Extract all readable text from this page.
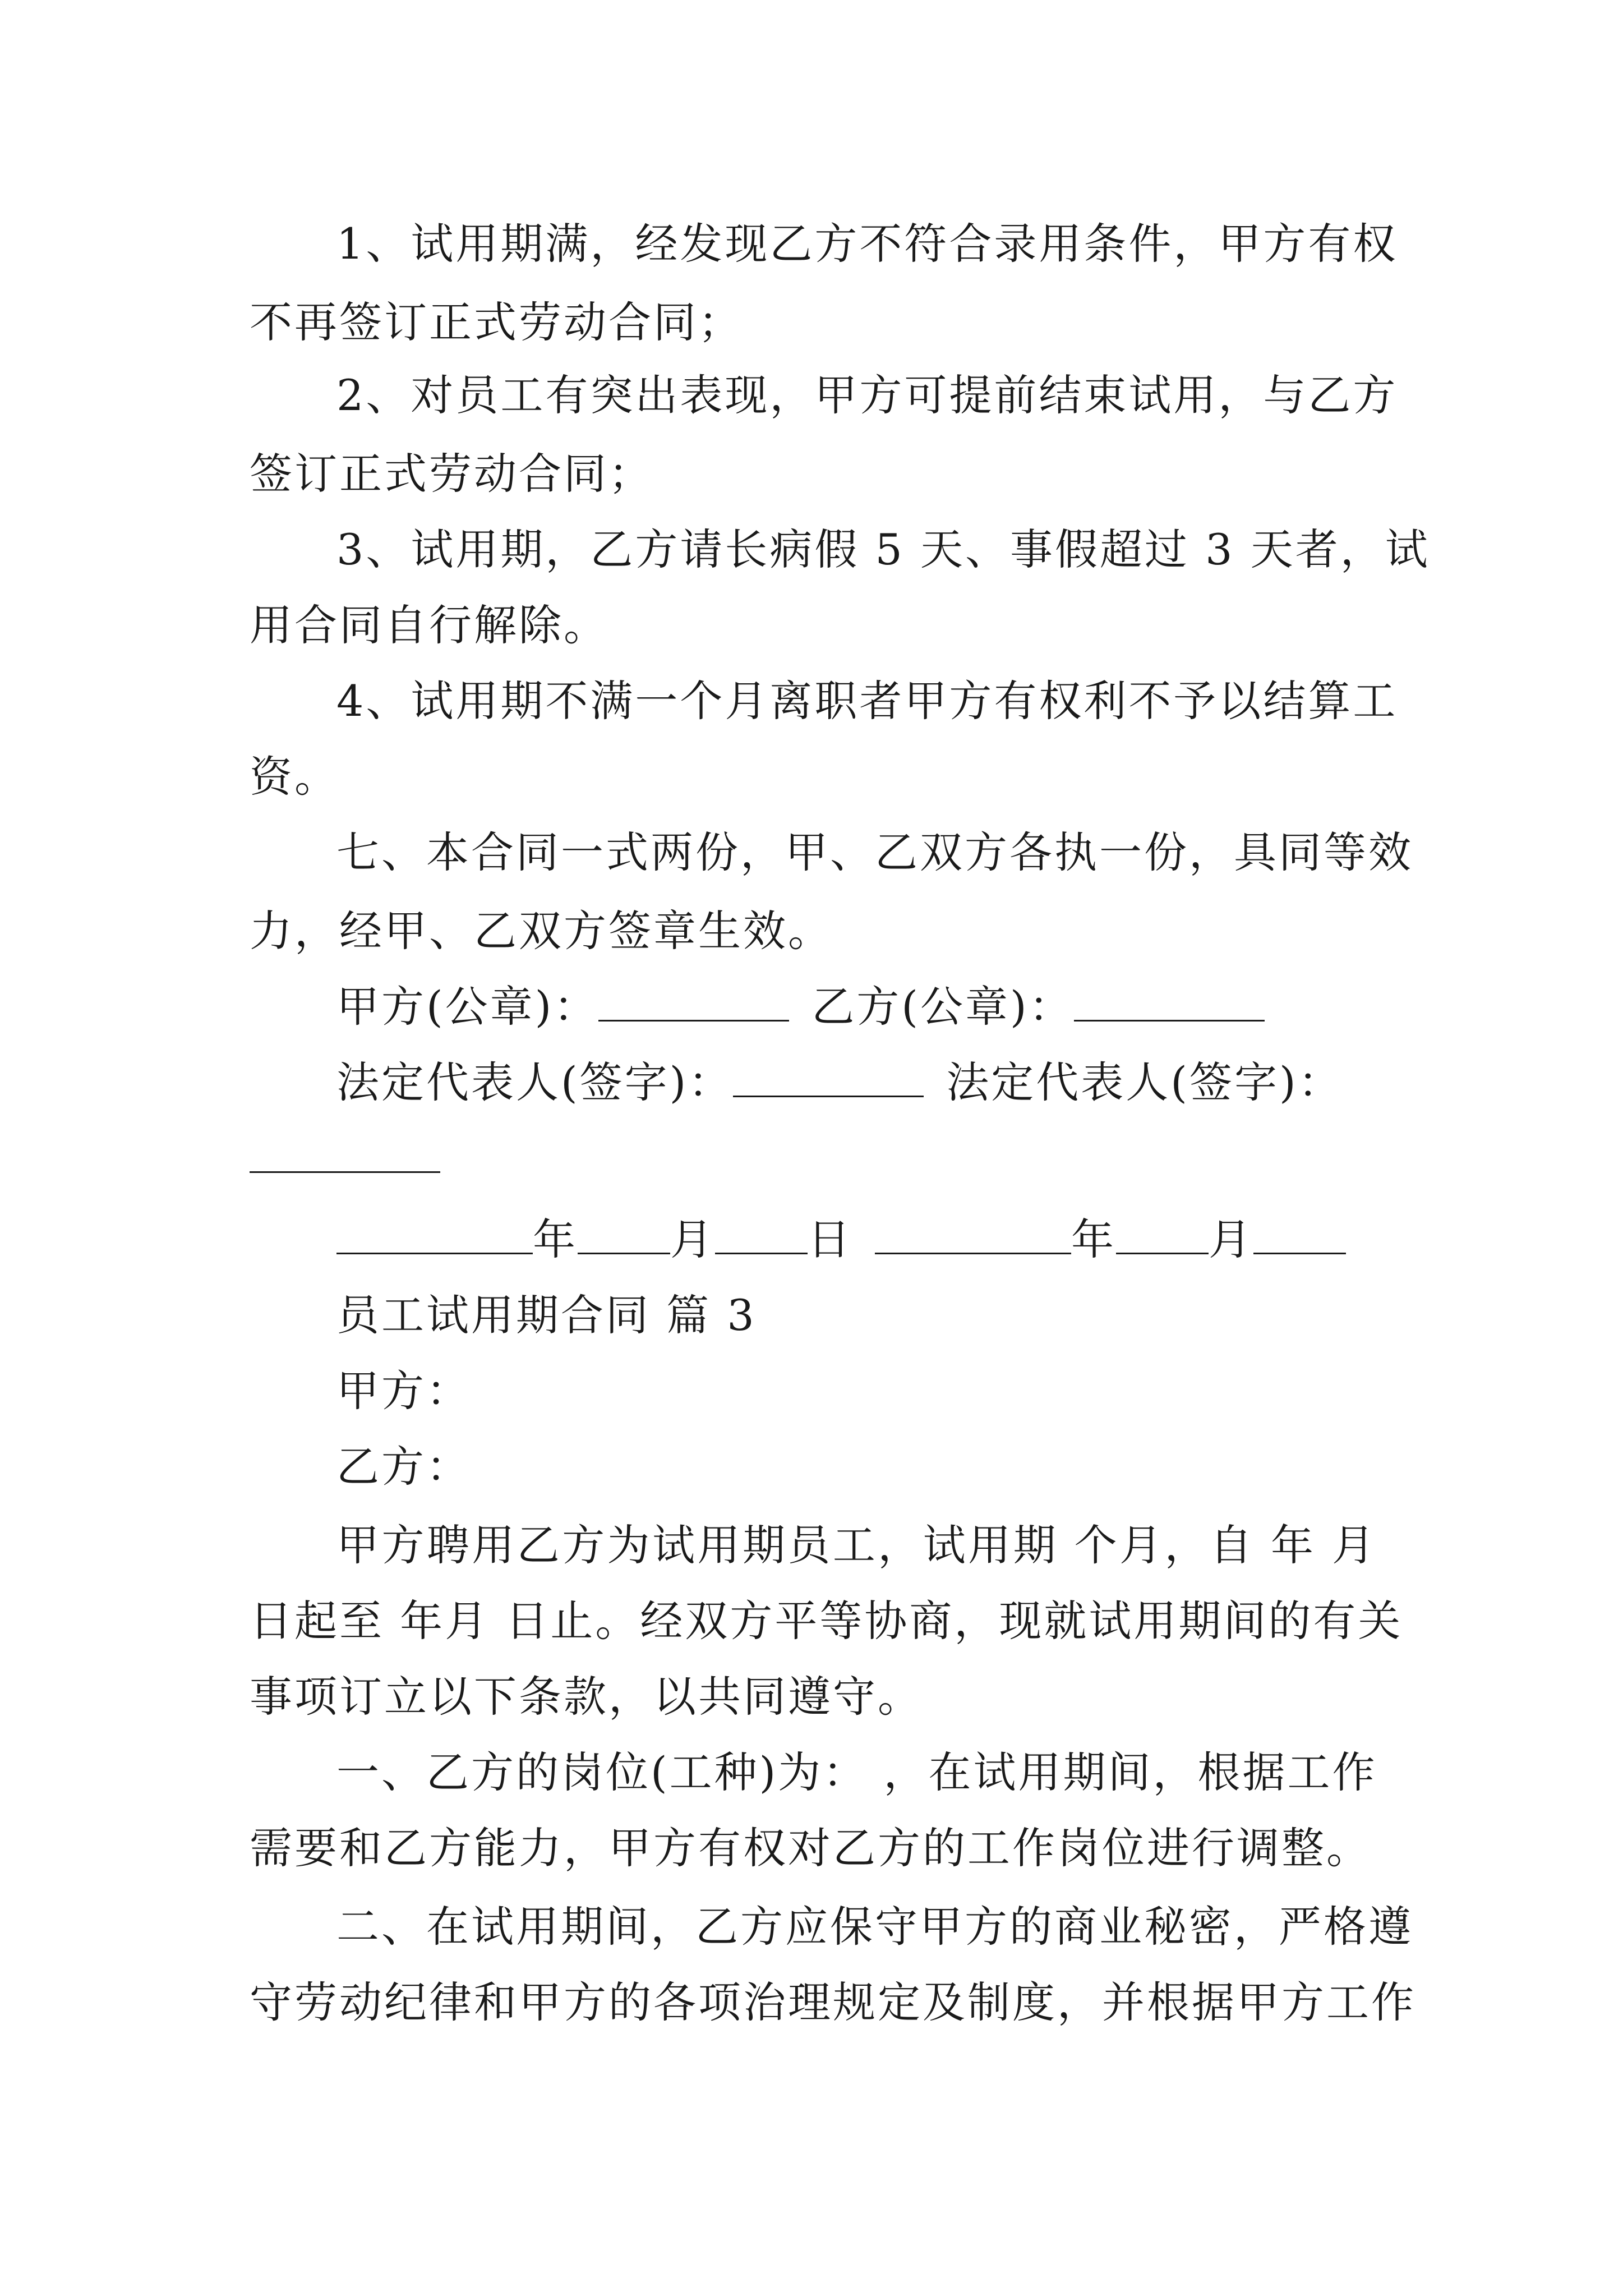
1、试用期满，经发现乙方不符合录用条件，甲方有权
不再签订正式劳动合同；
2、对员工有突出表现，甲方可提前结束试用，与乙方
签订正式劳动合同；
3、试用期，乙方请长病假 5 天、事假超过 3 天者，试
用合同自行解除。
4、试用期不满一个月离职者甲方有权利不予以结算工
资。
七、本合同一式两份，甲、乙双方各执一份，具同等效
力，经甲、乙双方签章生效。
甲方(公章)：	乙方(公章)：
法定代表人(签字)：	法定代表人(签字)：
年 月 日	年 月
员工试用期合同 篇 3
甲方：
乙方：
甲方聘用乙方为试用期员工，试用期 个月，自 年 月
日起至 年月 日止。经双方平等协商，现就试用期间的有关
事项订立以下条款，以共同遵守。
一、乙方的岗位(工种)为： ，在试用期间，根据工作
需要和乙方能力，甲方有权对乙方的工作岗位进行调整。
二、在试用期间，乙方应保守甲方的商业秘密，严格遵
守劳动纪律和甲方的各项治理规定及制度，并根据甲方工作
